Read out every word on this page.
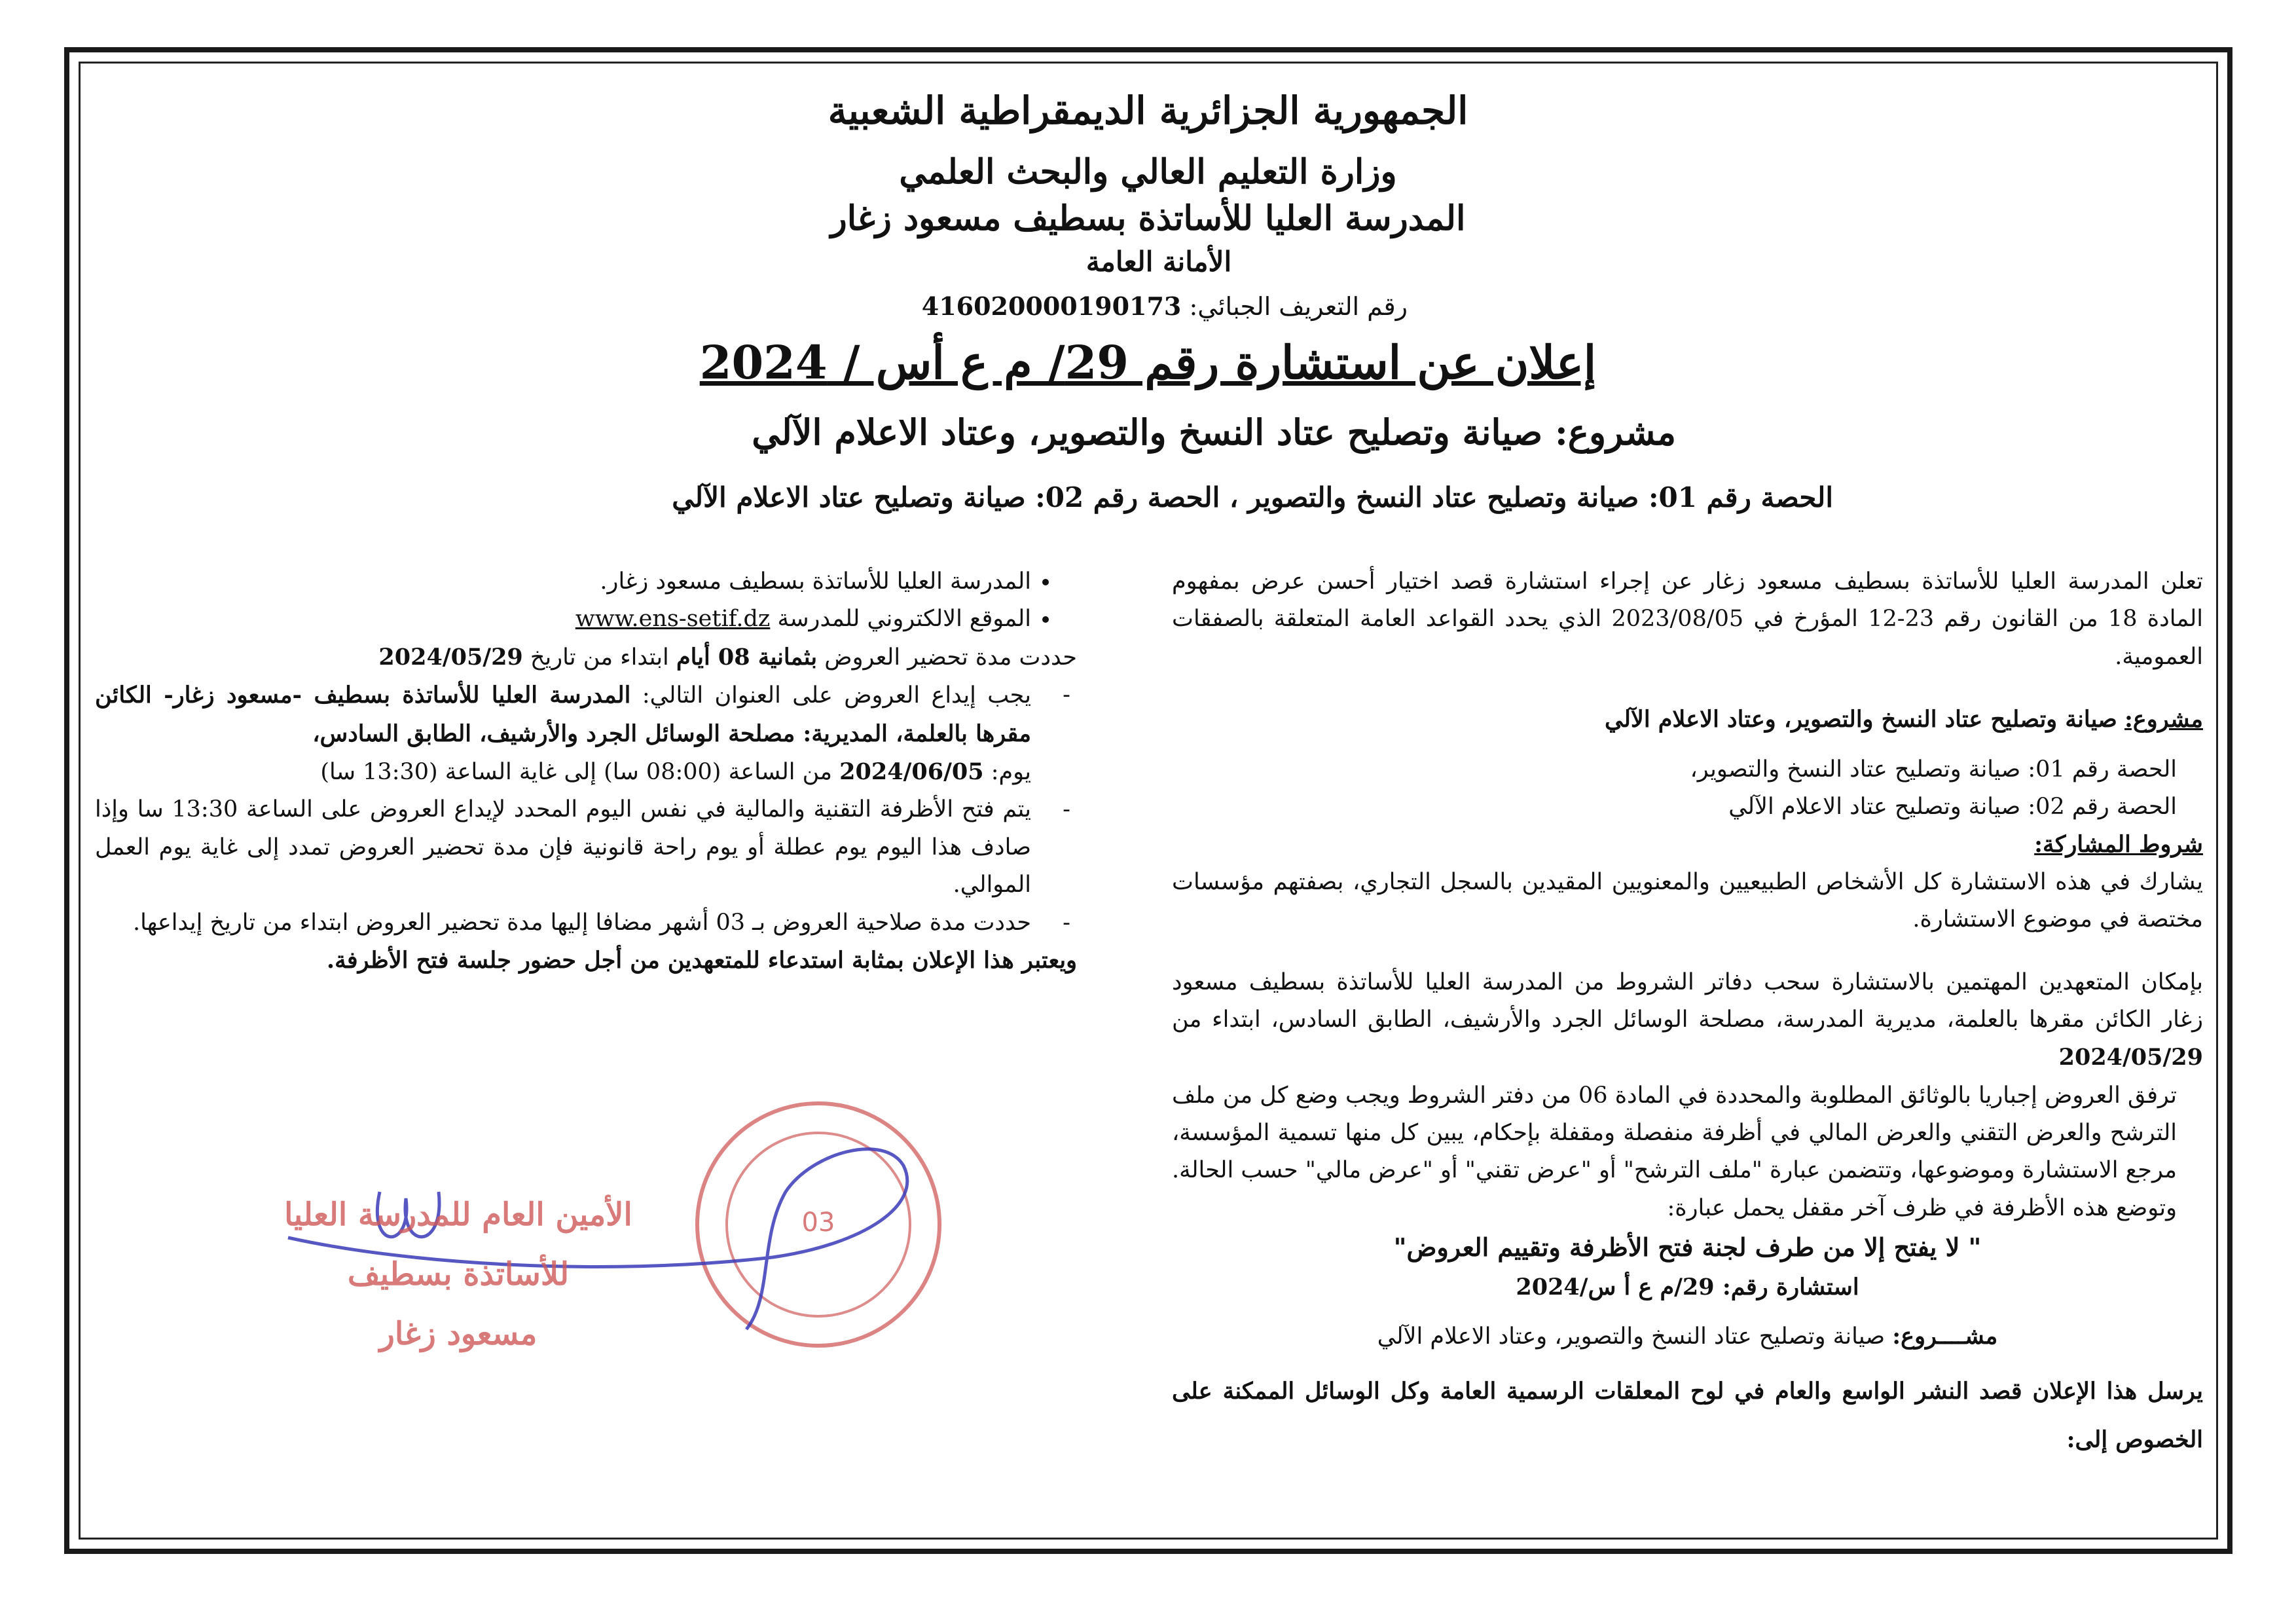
الجمهورية الجزائرية الديمقراطية الشعبية
وزارة التعليم العالي والبحث العلمي
المدرسة العليا للأساتذة بسطيف مسعود زغار
الأمانة العامة
رقم التعريف الجبائي: 416020000190173
إعلان عن استشارة رقم 29/ م ع أس / 2024
مشروع: صيانة وتصليح عتاد النسخ والتصوير، وعتاد الاعلام الآلي
الحصة رقم 01: صيانة وتصليح عتاد النسخ والتصوير ، الحصة رقم 02: صيانة وتصليح عتاد الاعلام الآلي

تعلن المدرسة العليا للأساتذة بسطيف مسعود زغار عن إجراء استشارة قصد اختيار أحسن عرض بمفهوم المادة 18 من القانون رقم 23-12 المؤرخ في 2023/08/05 الذي يحدد القواعد العامة المتعلقة بالصفقات العمومية.

مشروع: صيانة وتصليح عتاد النسخ والتصوير، وعتاد الاعلام الآلي

الحصة رقم 01: صيانة وتصليح عتاد النسخ والتصوير،

الحصة رقم 02: صيانة وتصليح عتاد الاعلام الآلي

شروط المشاركة:

يشارك في هذه الاستشارة كل الأشخاص الطبيعيين والمعنويين المقيدين بالسجل التجاري، بصفتهم مؤسسات مختصة في موضوع الاستشارة.

بإمكان المتعهدين المهتمين بالاستشارة سحب دفاتر الشروط من المدرسة العليا للأساتذة بسطيف مسعود زغار الكائن مقرها بالعلمة، مديرية المدرسة، مصلحة الوسائل الجرد والأرشيف، الطابق السادس، ابتداء من 2024/05/29

ترفق العروض إجباريا بالوثائق المطلوبة والمحددة في المادة 06 من دفتر الشروط ويجب وضع كل من ملف الترشح والعرض التقني والعرض المالي في أظرفة منفصلة ومقفلة بإحكام، يبين كل منها تسمية المؤسسة، مرجع الاستشارة وموضوعها، وتتضمن عبارة "ملف الترشح" أو "عرض تقني" أو "عرض مالي" حسب الحالة. وتوضع هذه الأظرفة في ظرف آخر مقفل يحمل عبارة:

" لا يفتح إلا من طرف لجنة فتح الأظرفة وتقييم العروض"

استشارة رقم: 29/م ع أ س/2024

مشــــروع: صيانة وتصليح عتاد النسخ والتصوير، وعتاد الاعلام الآلي

يرسل هذا الإعلان قصد النشر الواسع والعام في لوح المعلقات الرسمية العامة وكل الوسائل الممكنة على الخصوص إلى:

• المدرسة العليا للأساتذة بسطيف مسعود زغار.
• الموقع الالكتروني للمدرسة www.ens-setif.dz

حددت مدة تحضير العروض بثمانية 08 أيام ابتداء من تاريخ 2024/05/29

- يجب إيداع العروض على العنوان التالي: المدرسة العليا للأساتذة بسطيف -مسعود زغار- الكائن مقرها بالعلمة، المديرية: مصلحة الوسائل الجرد والأرشيف، الطابق السادس،
يوم: 2024/06/05 من الساعة (08:00 سا) إلى غاية الساعة (13:30 سا)
- يتم فتح الأظرفة التقنية والمالية في نفس اليوم المحدد لإيداع العروض على الساعة 13:30 سا وإذا صادف هذا اليوم يوم عطلة أو يوم راحة قانونية فإن مدة تحضير العروض تمدد إلى غاية يوم العمل الموالي.
- حددت مدة صلاحية العروض بـ 03 أشهر مضافا إليها مدة تحضير العروض ابتداء من تاريخ إيداعها.

ويعتبر هذا الإعلان بمثابة استدعاء للمتعهدين من أجل حضور جلسة فتح الأظرفة.

03
الأمين العام للمدرسة العليا للأساتذة بسطيف
مسعود زغار
